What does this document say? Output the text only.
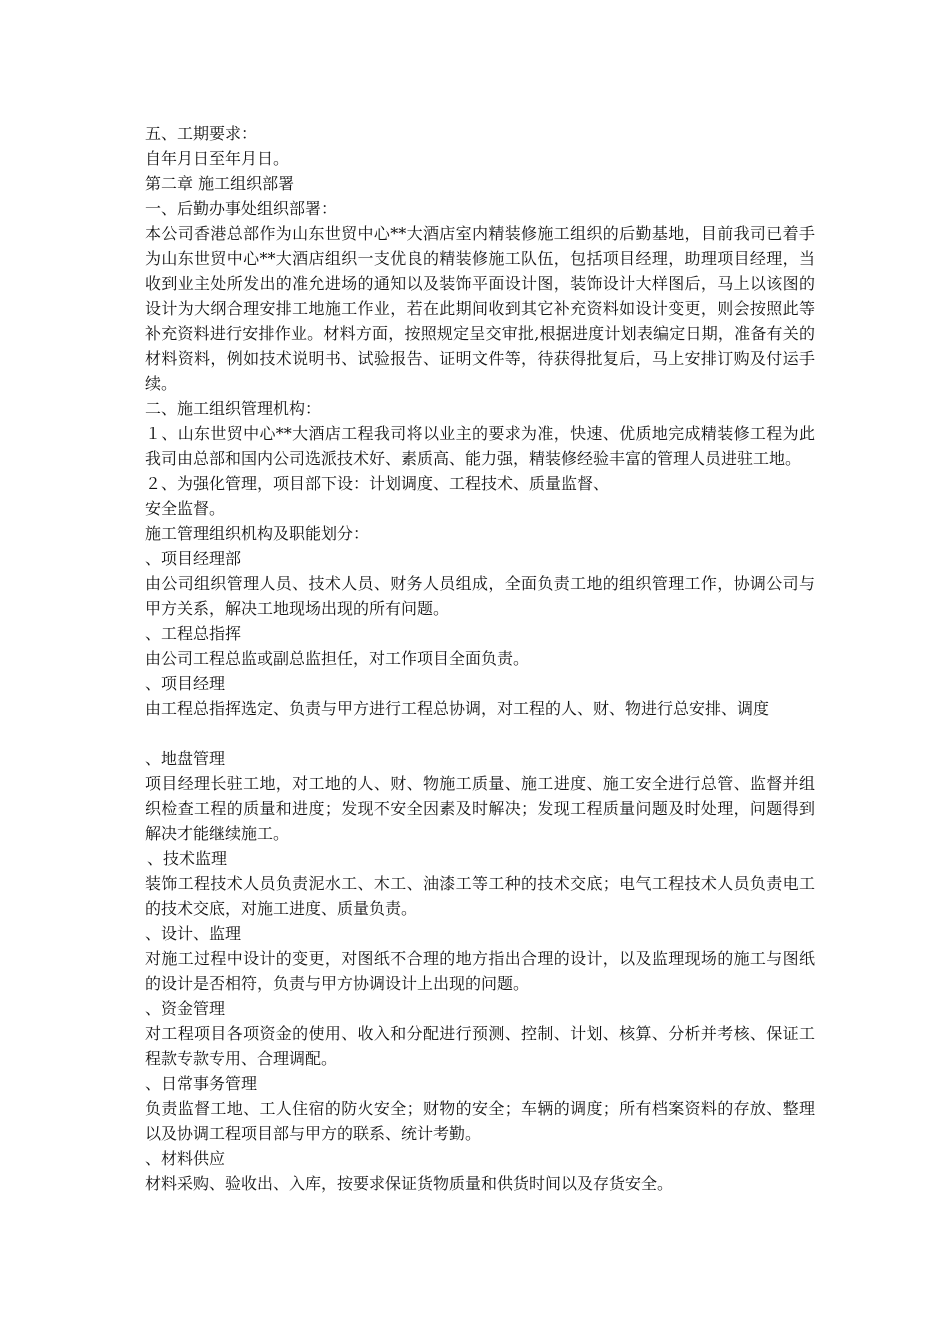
五、工期要求：
自年月日至年月日。
第二章 施工组织部署
一、后勤办事处组织部署：
本公司香港总部作为山东世贸中心**大酒店室内精装修施工组织的后勤基地，目前我司已着手为山东世贸中心**大酒店组织一支优良的精装修施工队伍，包括项目经理，助理项目经理，当收到业主处所发出的准允进场的通知以及装饰平面设计图，装饰设计大样图后，马上以该图的设计为大纲合理安排工地施工作业，若在此期间收到其它补充资料如设计变更，则会按照此等补充资料进行安排作业。材料方面，按照规定呈交审批,根据进度计划表编定日期，准备有关的材料资料，例如技术说明书、试验报告、证明文件等，待获得批复后，马上安排订购及付运手续。
二、施工组织管理机构：
１、山东世贸中心**大酒店工程我司将以业主的要求为准，快速、优质地完成精装修工程为此我司由总部和国内公司选派技术好、素质高、能力强，精装修经验丰富的管理人员进驻工地。
２、为强化管理，项目部下设：计划调度、工程技术、质量监督、
安全监督。
施工管理组织机构及职能划分：
、项目经理部
由公司组织管理人员、技术人员、财务人员组成，全面负责工地的组织管理工作，协调公司与甲方关系，解决工地现场出现的所有问题。
、工程总指挥
由公司工程总监或副总监担任，对工作项目全面负责。
、项目经理
由工程总指挥选定、负责与甲方进行工程总协调，对工程的人、财、物进行总安排、调度
、地盘管理
项目经理长驻工地，对工地的人、财、物施工质量、施工进度、施工安全进行总管、监督并组织检查工程的质量和进度；发现不安全因素及时解决；发现工程质量问题及时处理，问题得到解决才能继续施工。
、技术监理
装饰工程技术人员负责泥水工、木工、油漆工等工种的技术交底；电气工程技术人员负责电工的技术交底，对施工进度、质量负责。
、设计、监理
对施工过程中设计的变更，对图纸不合理的地方指出合理的设计，以及监理现场的施工与图纸的设计是否相符，负责与甲方协调设计上出现的问题。
、资金管理
对工程项目各项资金的使用、收入和分配进行预测、控制、计划、核算、分析并考核、保证工程款专款专用、合理调配。
、日常事务管理
负责监督工地、工人住宿的防火安全；财物的安全；车辆的调度；所有档案资料的存放、整理以及协调工程项目部与甲方的联系、统计考勤。
、材料供应
材料采购、验收出、入库，按要求保证货物质量和供货时间以及存货安全。
